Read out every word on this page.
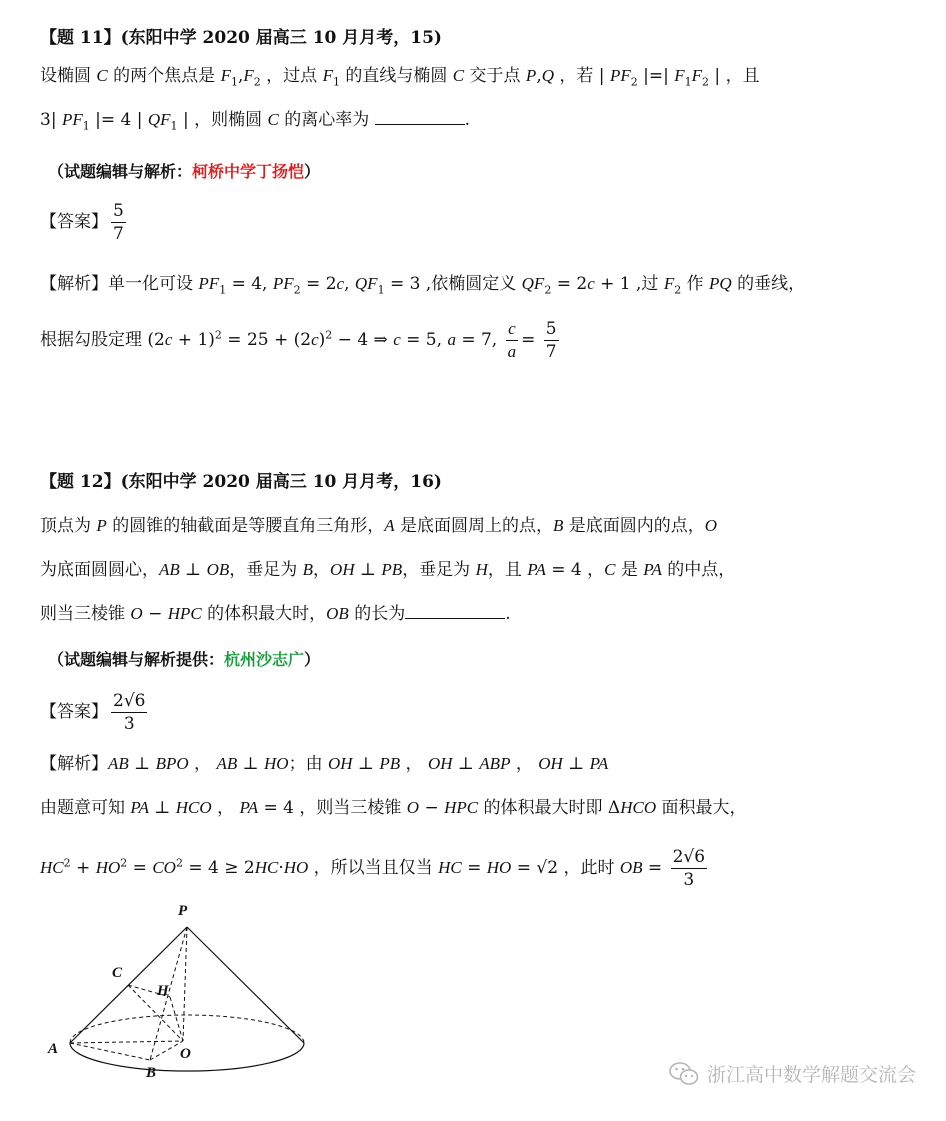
【题 11】(东阳中学 2020 届高三 10 月月考，15)
设椭圆 C 的两个焦点是 $F_1,F_2$ ，过点 $F_1$ 的直线与椭圆 C 交于点 P,Q ，若 | $PF_2$ |=| $F_1F_2$ | ，且
3| $PF_1$ |= 4 | $QF_1$ | ，则椭圆 C 的离心率为	.
（试题编辑与解析：柯桥中学丁扬恺）
【答案】 $\frac{5}{7}$
【解析】单一化可设 $PF_1 = 4$, $PF_2 = 2c$, $QF_1 = 3$ ,依椭圆定义 $QF_2 = 2c + 1$ ,过 $F_2$ 作 PQ 的垂线，
根据勾股定理 $(2c + 1)^2 = 25 + (2c)^2 - 4$ ⇒ c = 5, a = 7, $\frac{c}{a} = \frac{5}{7}$
【题 12】(东阳中学 2020 届高三 10 月月考，16)
顶点为 P 的圆锥的轴截面是等腰直角三角形，A 是底面圆周上的点，B 是底面圆内的点，O
为底面圆圆心，AB ⊥ OB，垂足为 B，OH ⊥ PB，垂足为 H，且 PA = 4 ，C 是 PA 的中点，
则当三棱锥 O − HPC 的体积最大时，OB 的长为	.
（试题编辑与解析提供：杭州沙志广）
【答案】 $\frac{2√6}{3}$
【解析】AB ⊥ BPO ， AB ⊥ HO；由 OH ⊥ PB ， OH ⊥ ABP ， OH ⊥ PA
由题意可知 PA ⊥ HCO ， PA = 4 ，则当三棱锥 O − HPC 的体积最大时即 ΔHCO 面积最大，
$HC^2 + HO^2 = CO^2 = 4 \ge 2HC\cdot HO$ ，所以当且仅当 HC = HO = √2 ，此时 OB = $\frac{2√6}{3}$
P
C
H
A	O
B	浙江高中数学解题交流会
